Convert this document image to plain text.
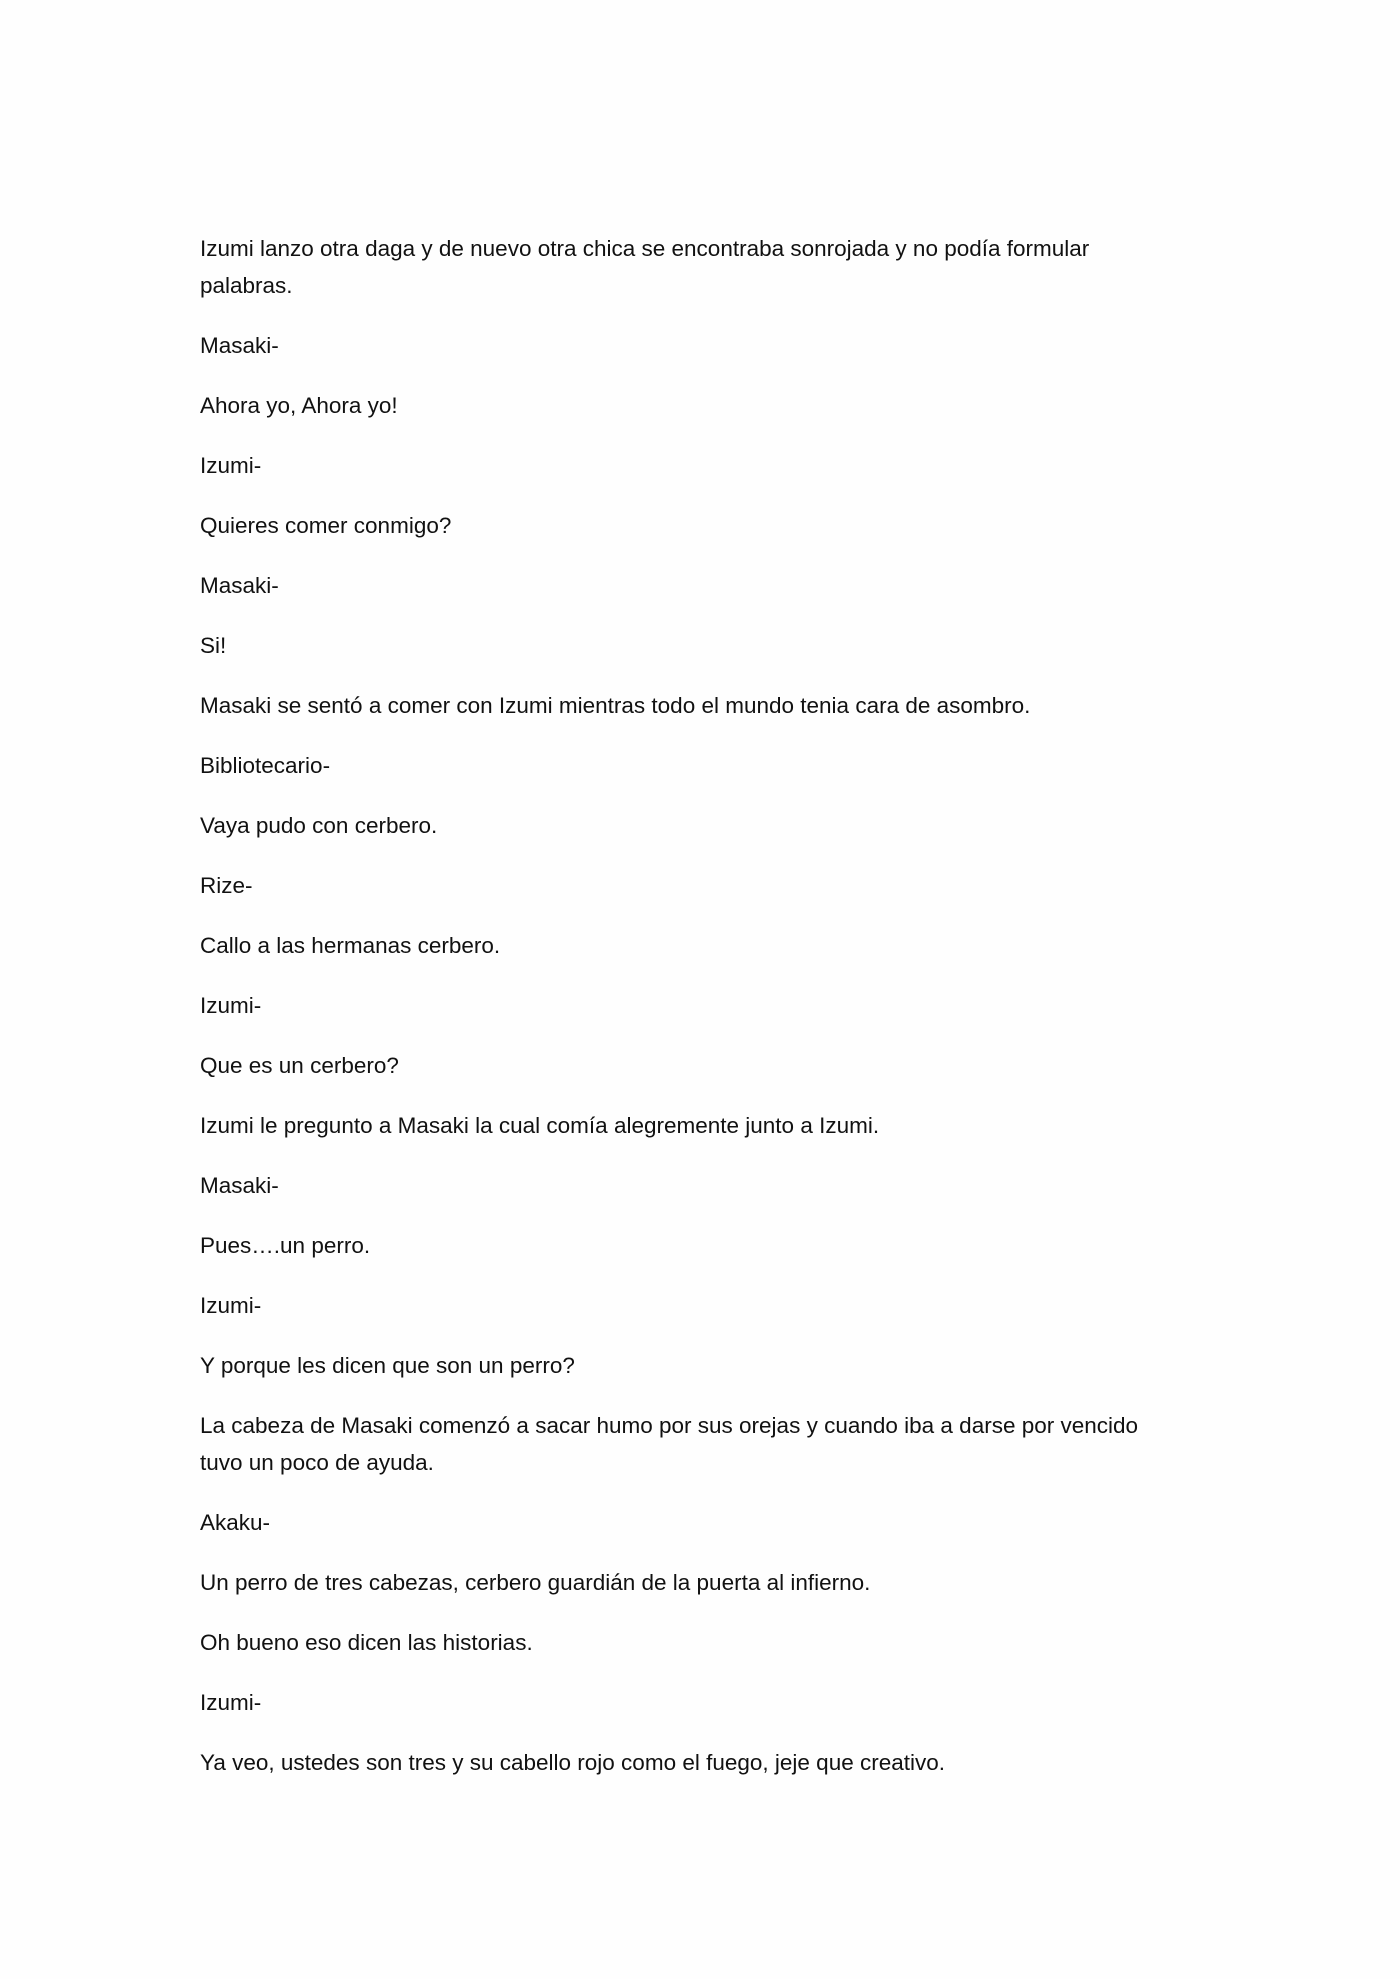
Izumi lanzo otra daga y de nuevo otra chica se encontraba sonrojada y no podía formular palabras.

Masaki-

Ahora yo, Ahora yo!

Izumi-

Quieres comer conmigo?

Masaki-

Si!

Masaki se sentó a comer con Izumi mientras todo el mundo tenia cara de asombro.

Bibliotecario-

Vaya pudo con cerbero.

Rize-

Callo a las hermanas cerbero.

Izumi-

Que es un cerbero?

Izumi le pregunto a Masaki la cual comía alegremente junto a Izumi.

Masaki-

Pues….un perro.

Izumi-

Y porque les dicen que son un perro?

La cabeza de Masaki comenzó a sacar humo por sus orejas y cuando iba a darse por vencido tuvo un poco de ayuda.

Akaku-

Un perro de tres cabezas, cerbero guardián de la puerta al infierno.

Oh bueno eso dicen las historias.

Izumi-

Ya veo, ustedes son tres y su cabello rojo como el fuego, jeje que creativo.
